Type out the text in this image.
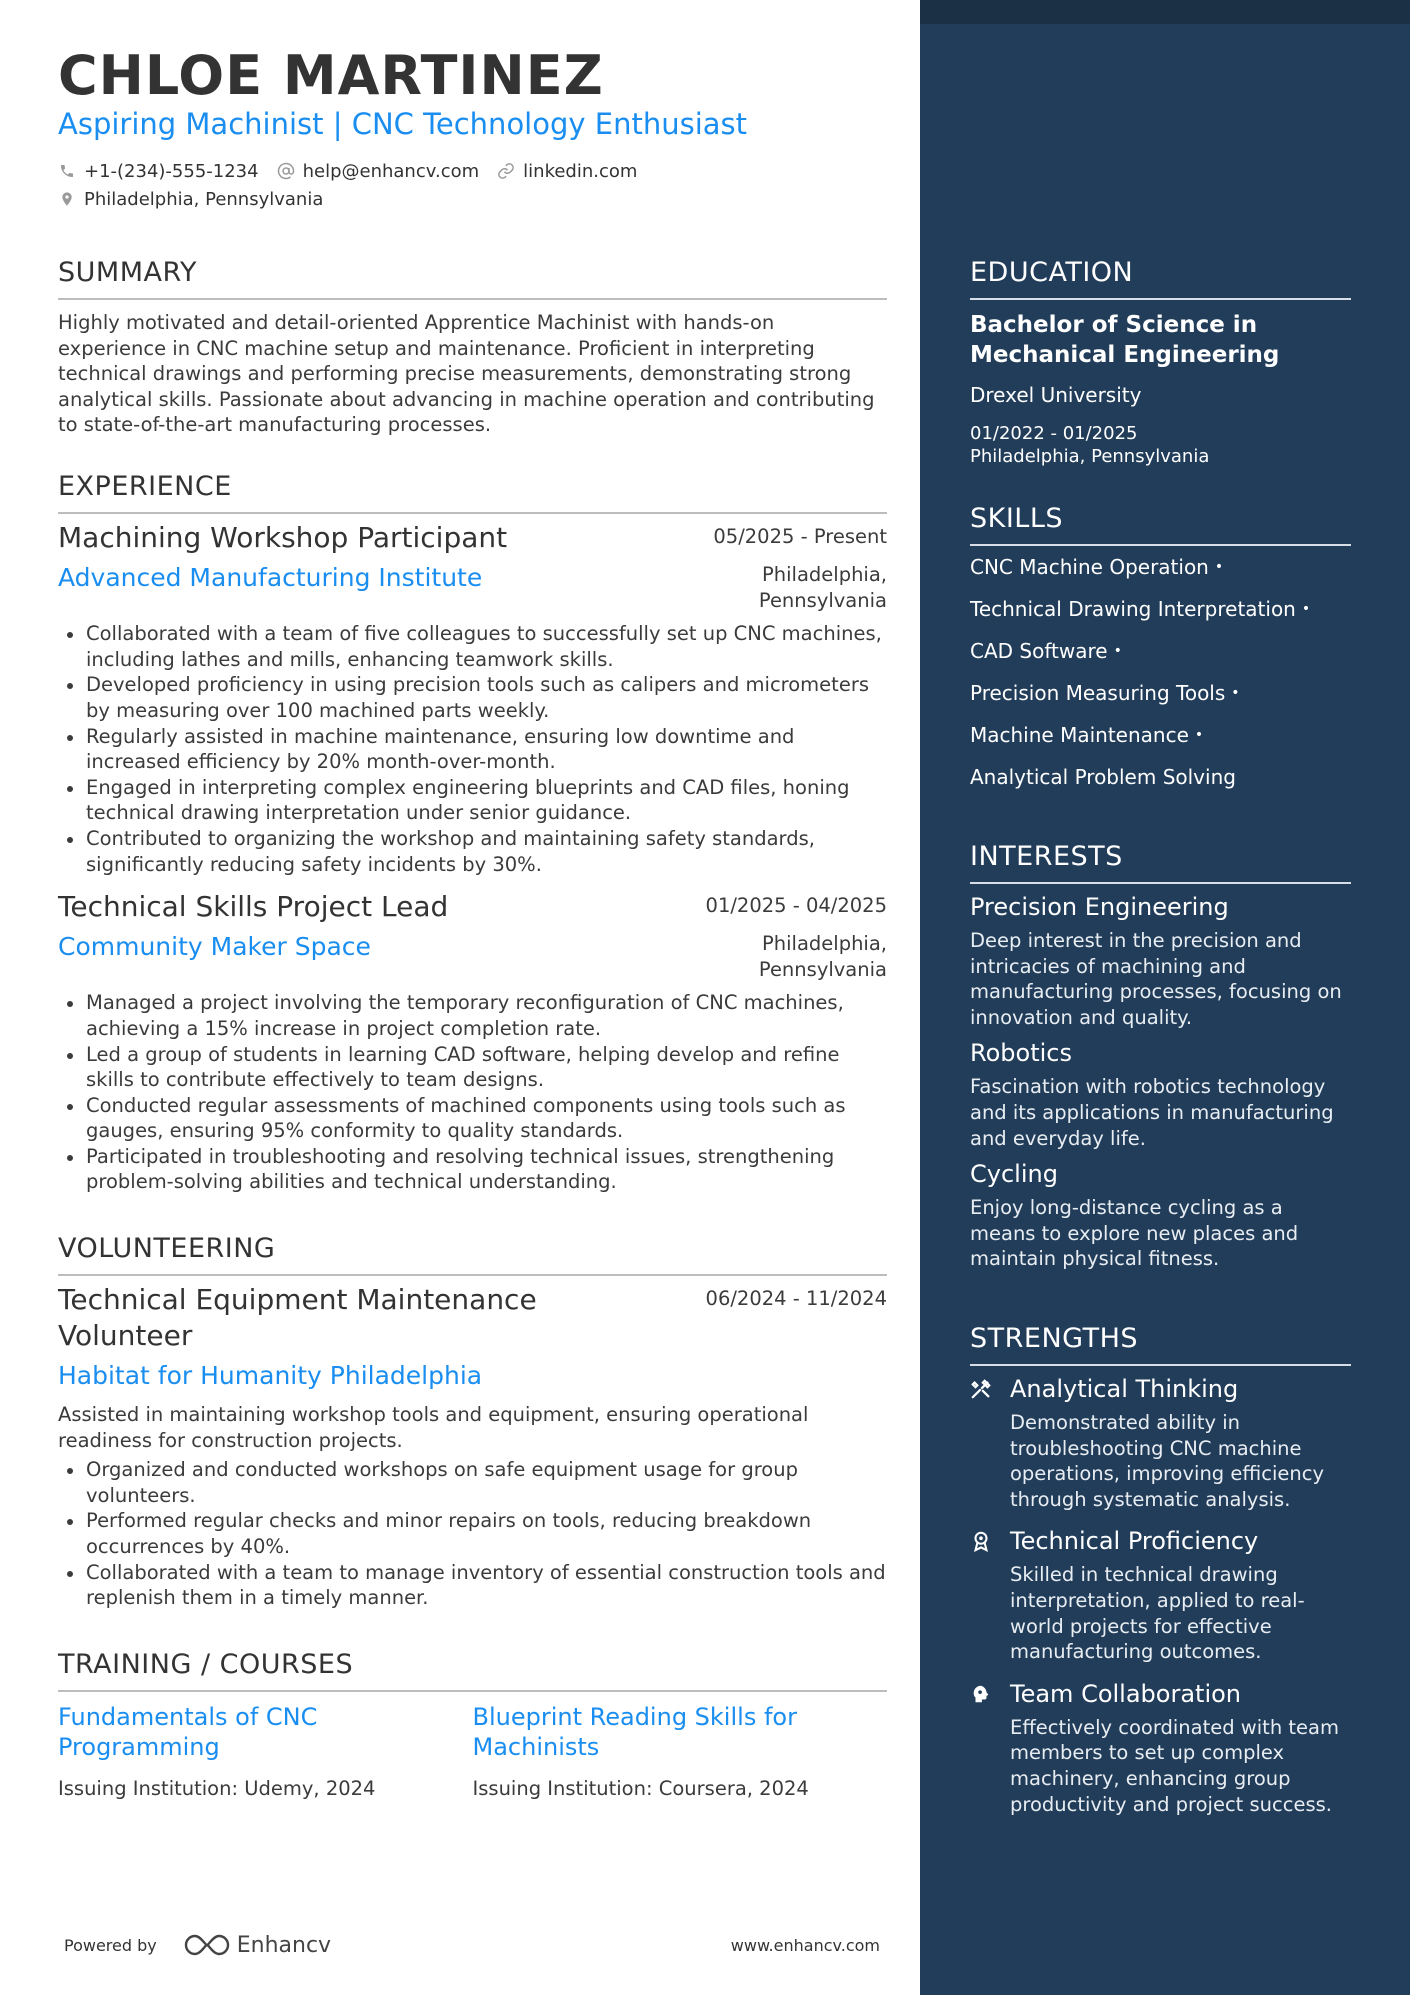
CHLOE MARTINEZ
Aspiring Machinist | CNC Technology Enthusiast
+1-(234)-555-1234 help@enhancv.com linkedin.com
Philadelphia, Pennsylvania
SUMMARY
Highly motivated and detail-oriented Apprentice Machinist with hands-on experience in CNC machine setup and maintenance. Proficient in interpreting technical drawings and performing precise measurements, demonstrating strong analytical skills. Passionate about advancing in machine operation and contributing to state-of-the-art manufacturing processes.
EXPERIENCE
Machining Workshop Participant	05/2025 - Present
Advanced Manufacturing Institute	Philadelphia,
Pennsylvania
Collaborated with a team of five colleagues to successfully set up CNC machines, including lathes and mills, enhancing teamwork skills.
Developed proficiency in using precision tools such as calipers and micrometers by measuring over 100 machined parts weekly.
Regularly assisted in machine maintenance, ensuring low downtime and increased efficiency by 20% month-over-month.
Engaged in interpreting complex engineering blueprints and CAD files, honing technical drawing interpretation under senior guidance.
Contributed to organizing the workshop and maintaining safety standards, significantly reducing safety incidents by 30%.
Technical Skills Project Lead	01/2025 - 04/2025
Community Maker Space	Philadelphia,
Pennsylvania
Managed a project involving the temporary reconfiguration of CNC machines, achieving a 15% increase in project completion rate.
Led a group of students in learning CAD software, helping develop and refine skills to contribute effectively to team designs.
Conducted regular assessments of machined components using tools such as gauges, ensuring 95% conformity to quality standards.
Participated in troubleshooting and resolving technical issues, strengthening problem-solving abilities and technical understanding.
VOLUNTEERING
Technical Equipment Maintenance Volunteer
06/2024 - 11/2024
Habitat for Humanity Philadelphia
Assisted in maintaining workshop tools and equipment, ensuring operational readiness for construction projects.
Organized and conducted workshops on safe equipment usage for group volunteers.
Performed regular checks and minor repairs on tools, reducing breakdown occurrences by 40%.
Collaborated with a team to manage inventory of essential construction tools and replenish them in a timely manner.
TRAINING / COURSES
Fundamentals of CNC Programming
Issuing Institution: Udemy, 2024
Blueprint Reading Skills for Machinists
Issuing Institution: Coursera, 2024
Powered by	Enhancv	www.enhancv.com
EDUCATION
Bachelor of Science in Mechanical Engineering
Drexel University
01/2022 - 01/2025
Philadelphia, Pennsylvania
SKILLS
CNC Machine Operation •
Technical Drawing Interpretation •
CAD Software •
Precision Measuring Tools •
Machine Maintenance •
Analytical Problem Solving
INTERESTS
Precision Engineering
Deep interest in the precision and intricacies of machining and manufacturing processes, focusing on innovation and quality.
Robotics
Fascination with robotics technology and its applications in manufacturing and everyday life.
Cycling
Enjoy long-distance cycling as a means to explore new places and maintain physical fitness.
STRENGTHS
Analytical Thinking
Demonstrated ability in troubleshooting CNC machine operations, improving efficiency through systematic analysis.
Technical Proficiency
Skilled in technical drawing interpretation, applied to real-world projects for effective manufacturing outcomes.
Team Collaboration
Effectively coordinated with team members to set up complex machinery, enhancing group productivity and project success.
